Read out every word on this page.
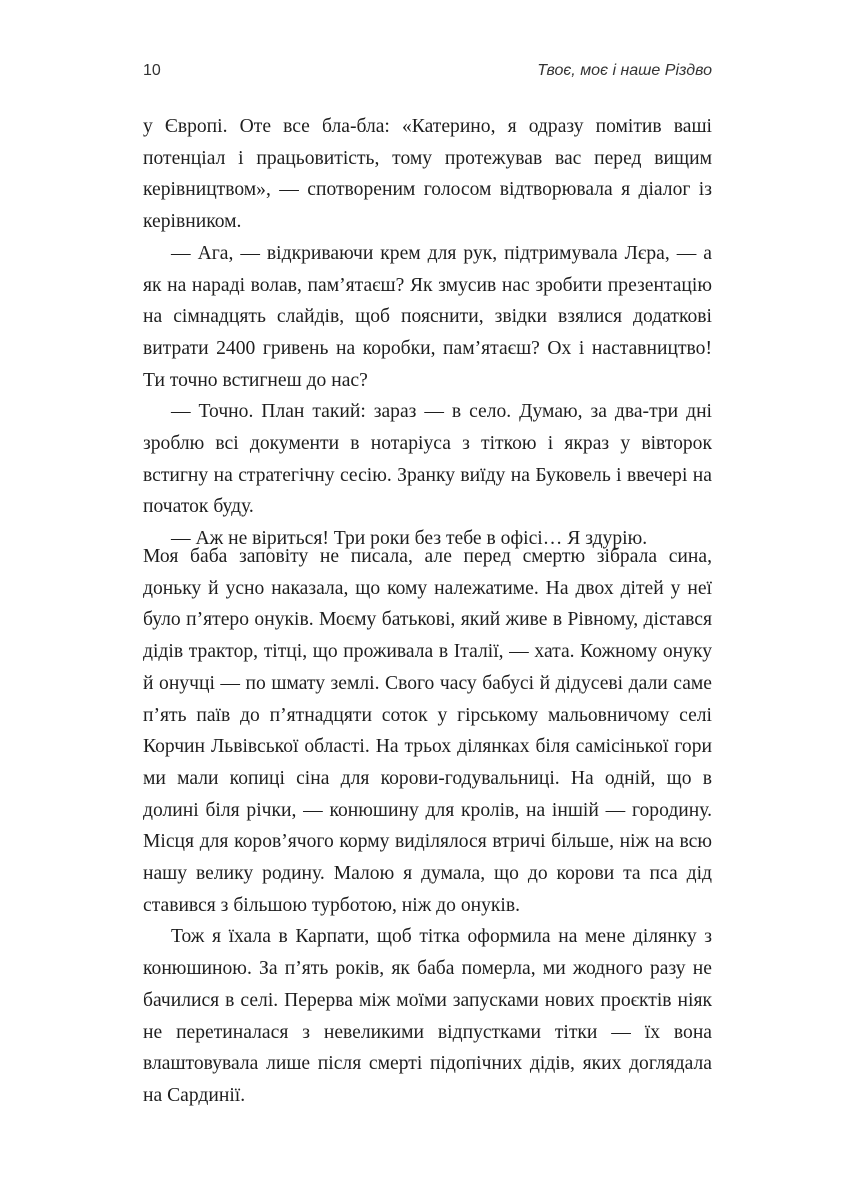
10	Твоє, моє і наше Різдво

у Європі. Оте все бла-бла: «Катерино, я одразу помітив ваші потенціал і працьовитість, тому протежував вас перед вищим керівництвом», — спотвореним голосом відтворювала я діалог із керівником.

— Ага, — відкриваючи крем для рук, підтримувала Лєра, — а як на нараді волав, пам’ятаєш? Як змусив нас зробити презентацію на сімнадцять слайдів, щоб пояснити, звідки взялися додаткові витрати 2400 гривень на коробки, пам’ятаєш? Ох і наставництво! Ти точно встигнеш до нас?

— Точно. План такий: зараз — в село. Думаю, за два-три дні зроблю всі документи в нотаріуса з тіткою і якраз у вівторок встигну на стратегічну сесію. Зранку виїду на Буковель і ввечері на початок буду.

— Аж не віриться! Три роки без тебе в офісі… Я здурію.

Моя баба заповіту не писала, але перед смертю зібрала сина, доньку й усно наказала, що кому належатиме. На двох дітей у неї було п’ятеро онуків. Моєму батькові, який живе в Рівному, дістався дідів трактор, тітці, що проживала в Італії, — хата. Кожному онуку й онучці — по шмату землі. Свого часу бабусі й дідусеві дали саме п’ять паїв до п’ятнадцяти соток у гірському мальовничому селі Корчин Львівської області. На трьох ділянках біля самісінької гори ми мали копиці сіна для корови-годувальниці. На одній, що в долині біля річки, — конюшину для кролів, на іншій — городину. Місця для коров’ячого корму виділялося втричі більше, ніж на всю нашу велику родину. Малою я думала, що до корови та пса дід ставився з більшою турботою, ніж до онуків.

Тож я їхала в Карпати, щоб тітка оформила на мене ділянку з конюшиною. За п’ять років, як баба померла, ми жодного разу не бачилися в селі. Перерва між моїми запусками нових проєктів ніяк не перетиналася з невеликими відпустками тітки — їх вона влаштовувала лише після смерті підопічних дідів, яких доглядала на Сардинії.
